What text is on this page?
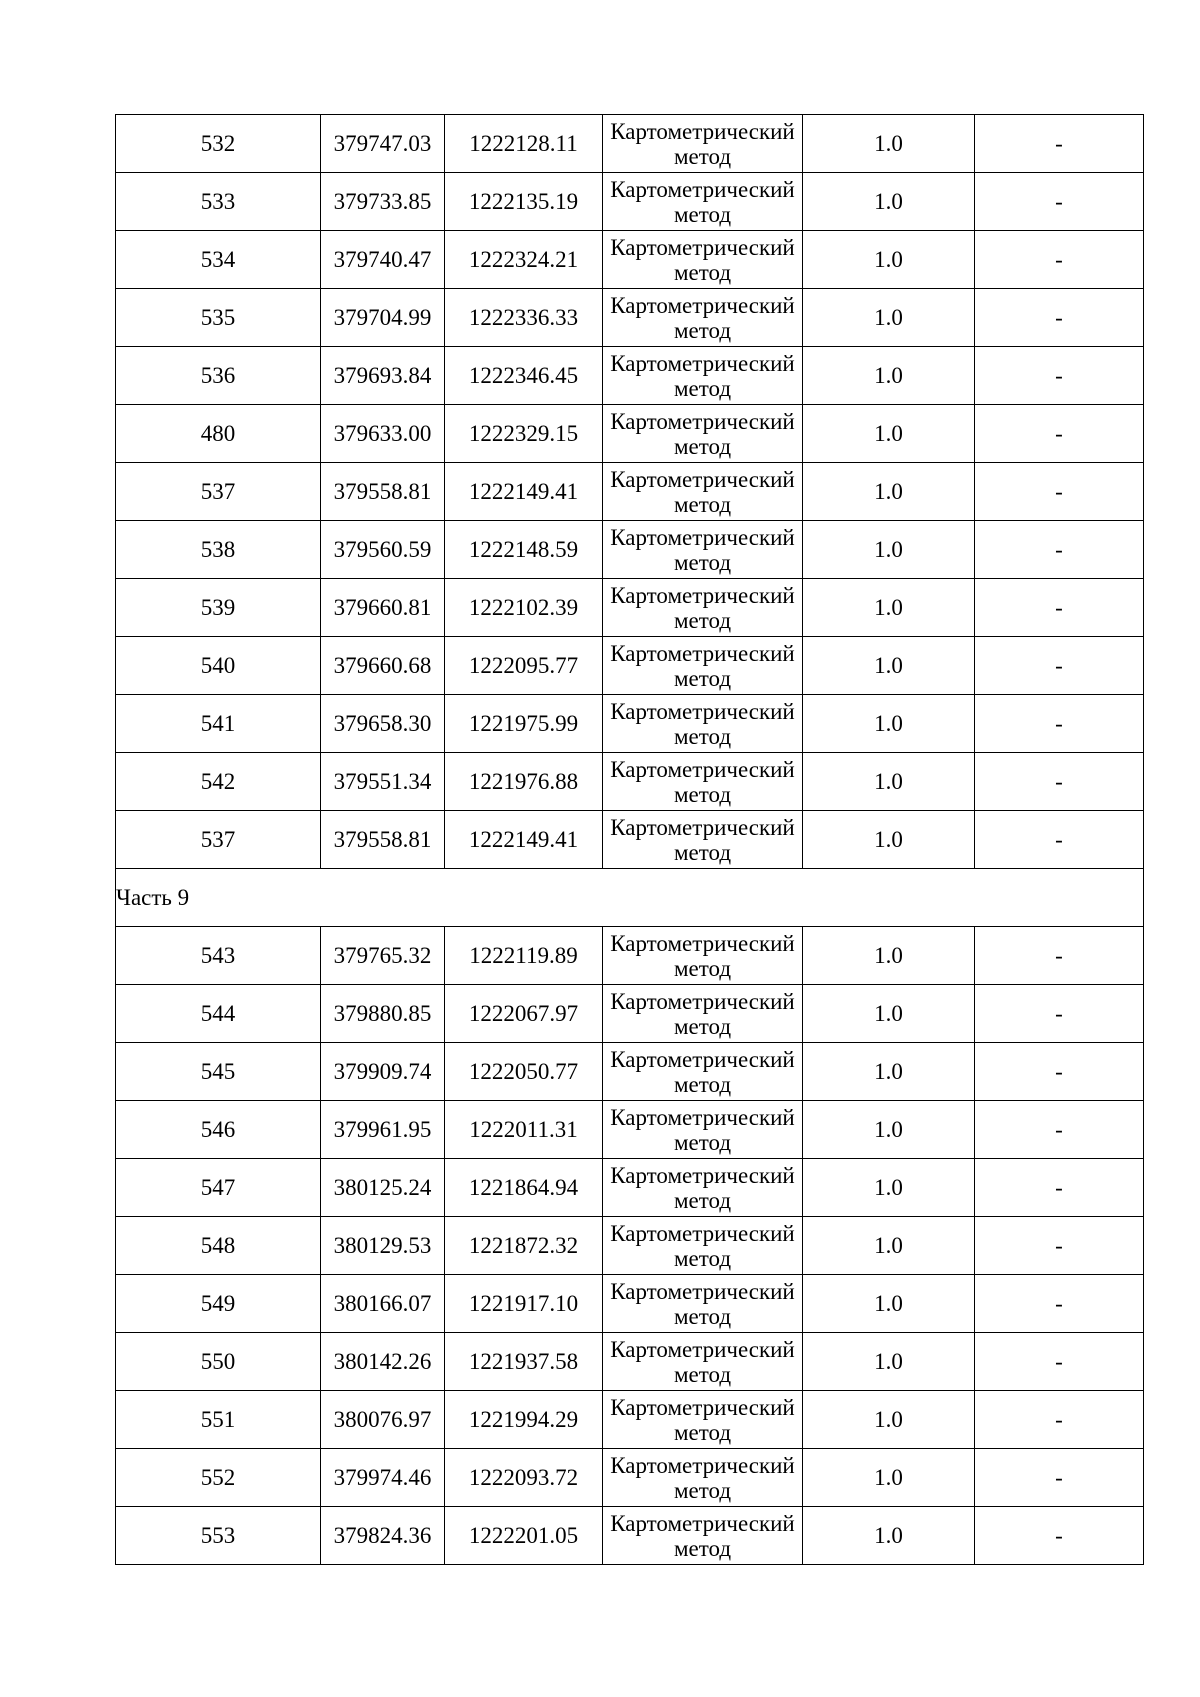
532	379747.03	1222128.11	Картометрический метод	1.0	-
533	379733.85	1222135.19	Картометрический метод	1.0	-
534	379740.47	1222324.21	Картометрический метод	1.0	-
535	379704.99	1222336.33	Картометрический метод	1.0	-
536	379693.84	1222346.45	Картометрический метод	1.0	-
480	379633.00	1222329.15	Картометрический метод	1.0	-
537	379558.81	1222149.41	Картометрический метод	1.0	-
538	379560.59	1222148.59	Картометрический метод	1.0	-
539	379660.81	1222102.39	Картометрический метод	1.0	-
540	379660.68	1222095.77	Картометрический метод	1.0	-
541	379658.30	1221975.99	Картометрический метод	1.0	-
542	379551.34	1221976.88	Картометрический метод	1.0	-
537	379558.81	1222149.41	Картометрический метод	1.0	-
Часть 9					
543	379765.32	1222119.89	Картометрический метод	1.0	-
544	379880.85	1222067.97	Картометрический метод	1.0	-
545	379909.74	1222050.77	Картометрический метод	1.0	-
546	379961.95	1222011.31	Картометрический метод	1.0	-
547	380125.24	1221864.94	Картометрический метод	1.0	-
548	380129.53	1221872.32	Картометрический метод	1.0	-
549	380166.07	1221917.10	Картометрический метод	1.0	-
550	380142.26	1221937.58	Картометрический метод	1.0	-
551	380076.97	1221994.29	Картометрический метод	1.0	-
552	379974.46	1222093.72	Картометрический метод	1.0	-
553	379824.36	1222201.05	Картометрический метод	1.0	-
